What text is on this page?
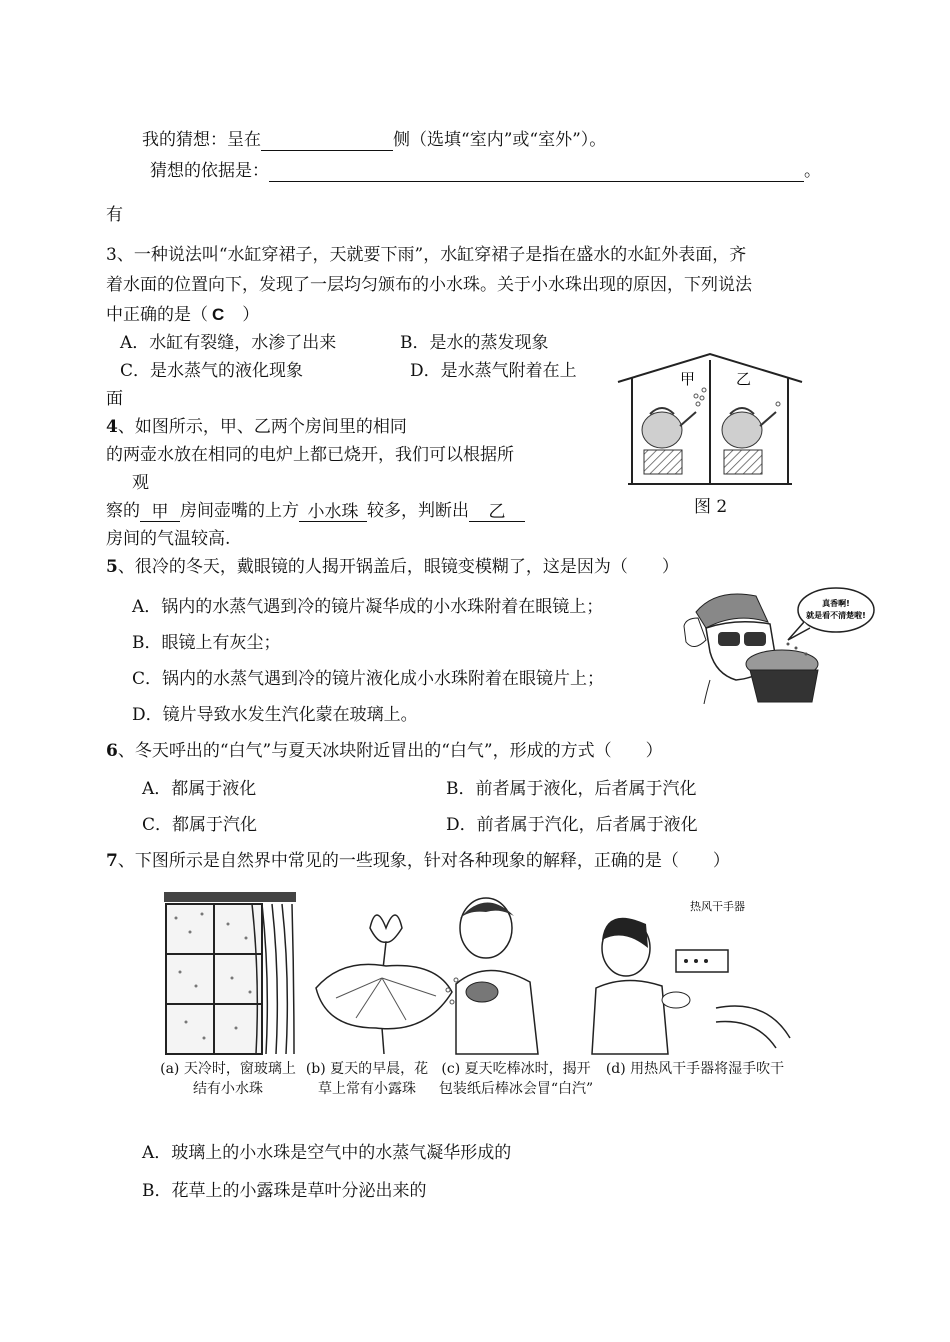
我的猜想：呈在	侧（选填“室内”或“室外”）。
猜想的依据是：	。
有
3、一种说法叫“水缸穿裙子，天就要下雨”，水缸穿裙子是指在盛水的水缸外表面，齐
着水面的位置向下，发现了一层均匀颁布的小水珠。关于小水珠出现的原因，下列说法
中正确的是（ C ）
A．水缸有裂缝，水渗了出来	B．是水的蒸发现象
C．是水蒸气的液化现象	D．是水蒸气附着在上
面
4、如图所示，甲、乙两个房间里的相同
的两壶水放在相同的电炉上都已烧开，我们可以根据所
观
察的 甲 房间壶嘴的上方 小水珠 较多，判断出 乙
房间的气温较高.
甲	乙
图 2
5、很冷的冬天，戴眼镜的人揭开锅盖后，眼镜变模糊了，这是因为（　　）
A．锅内的水蒸气遇到冷的镜片凝华成的小水珠附着在眼镜上；
B．眼镜上有灰尘；
C．锅内的水蒸气遇到冷的镜片液化成小水珠附着在眼镜片上；
D．镜片导致水发生汽化蒙在玻璃上。
真香啊!
就是看不清楚啦!
6、冬天呼出的“白气”与夏天冰块附近冒出的“白气”，形成的方式（　　）
A．都属于液化	B．前者属于液化，后者属于汽化
C．都属于汽化	D．前者属于汽化，后者属于液化
7、下图所示是自然界中常见的一些现象，针对各种现象的解释，正确的是（　　）
热风干手器
(a) 天冷时，窗玻璃上
结有小水珠
(b) 夏天的早晨，花
草上常有小露珠
(c) 夏天吃棒冰时，揭开
包装纸后棒冰会冒“白汽”
(d) 用热风干手器将湿手吹干
A．玻璃上的小水珠是空气中的水蒸气凝华形成的
B．花草上的小露珠是草叶分泌出来的
